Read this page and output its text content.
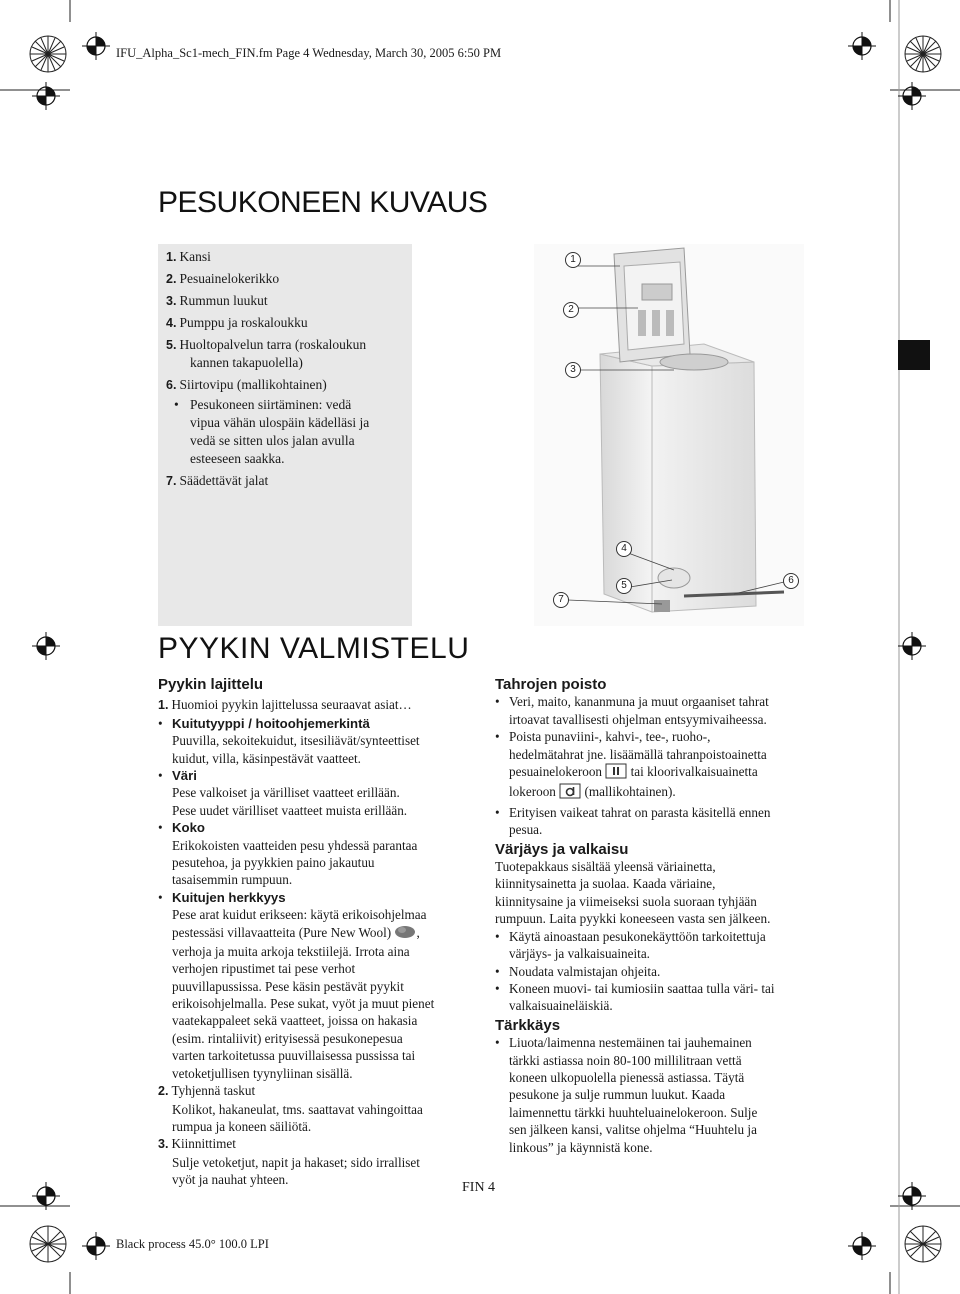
IFU_Alpha_Sc1-mech_FIN.fm Page 4 Wednesday, March 30, 2005 6:50 PM
Black process 45.0° 100.0 LPI
PESUKONEEN KUVAUS
1. Kansi
2. Pesuainelokerikko
3. Rummun luukut
4. Pumppu ja roskaloukku
5. Huoltopalvelun tarra (roskaloukun
kannen takapuolella)
6. Siirtovipu (mallikohtainen)
• Pesukoneen siirtäminen: vedä
vipua vähän ulospäin kädelläsi ja
vedä se sitten ulos jalan avulla
esteeseen saakka.
7. Säädettävät jalat
1
2
3
4
5	6
7
PYYKIN VALMISTELU
Pyykin lajittelu
1. Huomioi pyykin lajittelussa seuraavat asiat…
• Kuitutyyppi / hoitoohjemerkintä
Puuvilla, sekoitekuidut, itsesiliävät/synteettiset
kuidut, villa, käsinpestävät vaatteet.
• Väri
Pese valkoiset ja värilliset vaatteet erillään.
Pese uudet värilliset vaatteet muista erillään.
• Koko
Erikokoisten vaatteiden pesu yhdessä parantaa
pesutehoa, ja pyykkien paino jakautuu
tasaisemmin rumpuun.
• Kuitujen herkkyys
Pese arat kuidut erikseen: käytä erikoisohjelmaa
pestessäsi villavaatteita (Pure New Wool) ,
verhoja ja muita arkoja tekstiilejä. Irrota aina
verhojen ripustimet tai pese verhot
puuvillapussissa. Pese käsin pestävät pyykit
erikoisohjelmalla. Pese sukat, vyöt ja muut pienet
vaatekappaleet sekä vaatteet, joissa on hakasia
(esim. rintaliivit) erityisessä pesukonepesua
varten tarkoitetussa puuvillaisessa pussissa tai
vetoketjullisen tyynyliinan sisällä.
2. Tyhjennä taskut
Kolikot, hakaneulat, tms. saattavat vahingoittaa
rumpua ja koneen säiliötä.
3. Kiinnittimet
Sulje vetoketjut, napit ja hakaset; sido irralliset
vyöt ja nauhat yhteen.
Tahrojen poisto
• Veri, maito, kananmuna ja muut orgaaniset tahrat
irtoavat tavallisesti ohjelman entsyymivaiheessa.
• Poista punaviini-, kahvi-, tee-, ruoho-,
hedelmätahrat jne. lisäämällä tahranpoistoainetta
pesuainelokeroon tai kloorivalkaisuainetta
lokeroon (mallikohtainen).
• Erityisen vaikeat tahrat on parasta käsitellä ennen
pesua.
Värjäys ja valkaisu
Tuotepakkaus sisältää yleensä väriainetta,
kiinnitysainetta ja suolaa. Kaada väriaine,
kiinnitysaine ja viimeiseksi suola suoraan tyhjään
rumpuun. Laita pyykki koneeseen vasta sen jälkeen.
• Käytä ainoastaan pesukonekäyttöön tarkoitettuja
värjäys- ja valkaisuaineita.
• Noudata valmistajan ohjeita.
• Koneen muovi- tai kumiosiin saattaa tulla väri- tai
valkaisuaineläiskiä.
Tärkkäys
• Liuota/laimenna nestemäinen tai jauhemainen
tärkki astiassa noin 80-100 millilitraan vettä
koneen ulkopuolella pienessä astiassa. Täytä
pesukone ja sulje rummun luukut. Kaada
laimennettu tärkki huuhteluainelokeroon. Sulje
sen jälkeen kansi, valitse ohjelma “Huuhtelu ja
linkous” ja käynnistä kone.
FIN 4
